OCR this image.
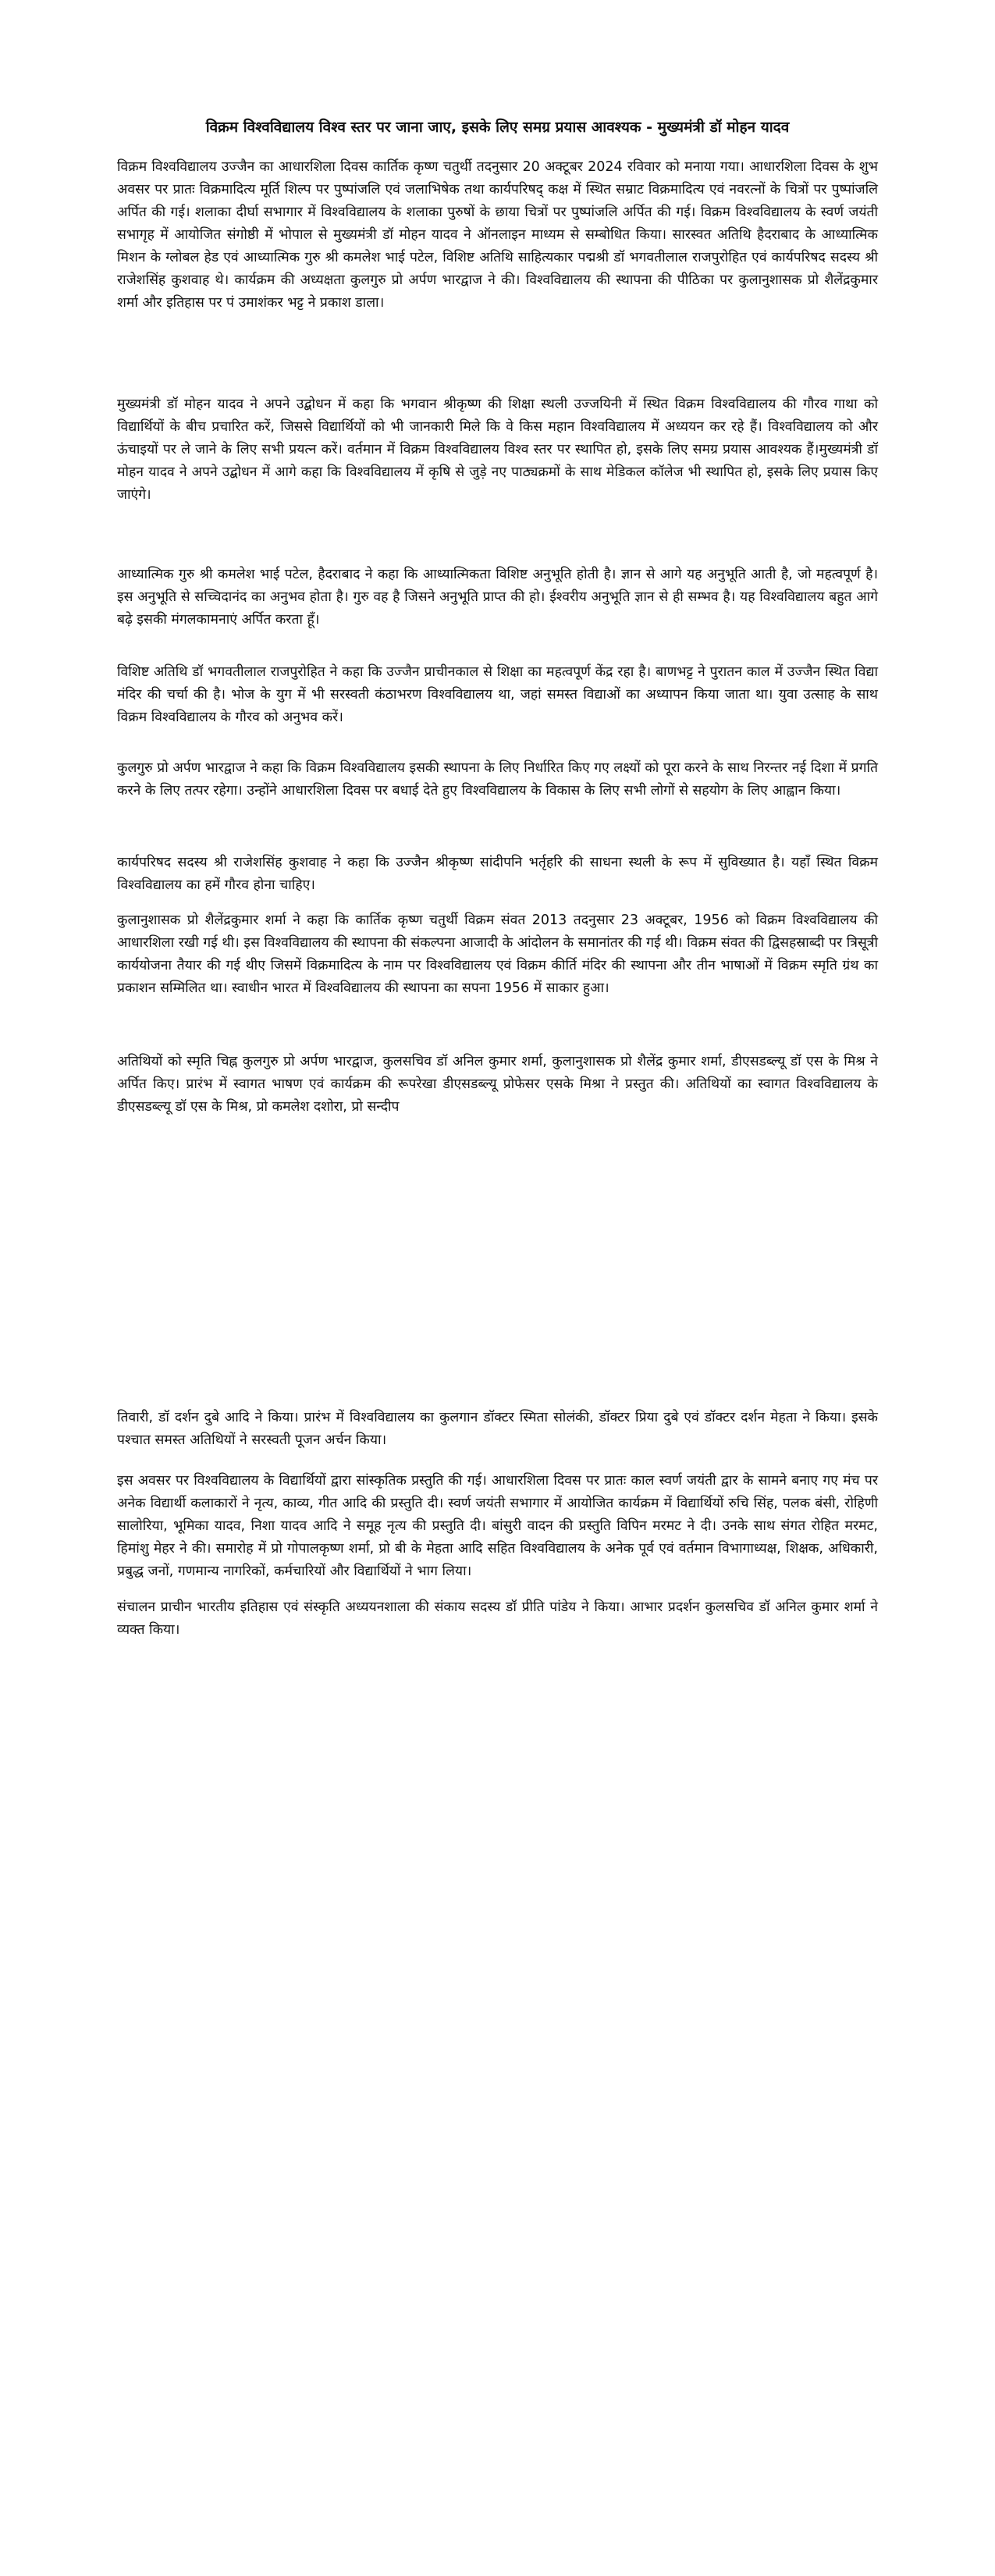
विक्रम विश्वविद्यालय विश्व स्तर पर जाना जाए, इसके लिए समग्र प्रयास आवश्यक - मुख्यमंत्री डॉ मोहन यादव

विक्रम विश्वविद्यालय उज्जैन का आधारशिला दिवस कार्तिक कृष्ण चतुर्थी तदनुसार 20 अक्टूबर 2024 रविवार को मनाया गया। आधारशिला दिवस के शुभ अवसर पर प्रातः विक्रमादित्य मूर्ति शिल्प पर पुष्पांजलि एवं जलाभिषेक तथा कार्यपरिषद् कक्ष में स्थित सम्राट विक्रमादित्य एवं नवरत्नों के चित्रों पर पुष्पांजलि अर्पित की गई। शलाका दीर्घा सभागार में विश्वविद्यालय के शलाका पुरुषों के छाया चित्रों पर पुष्पांजलि अर्पित की गई। विक्रम विश्वविद्यालय के स्वर्ण जयंती सभागृह में आयोजित संगोष्ठी में भोपाल से मुख्यमंत्री डॉ मोहन यादव ने ऑनलाइन माध्यम से सम्बोधित किया। सारस्वत अतिथि हैदराबाद के आध्यात्मिक मिशन के ग्लोबल हेड एवं आध्यात्मिक गुरु श्री कमलेश भाई पटेल, विशिष्ट अतिथि साहित्यकार पद्मश्री डॉ भगवतीलाल राजपुरोहित एवं कार्यपरिषद सदस्य श्री राजेशसिंह कुशवाह थे। कार्यक्रम की अध्यक्षता कुलगुरु प्रो अर्पण भारद्वाज ने की। विश्वविद्यालय की स्थापना की पीठिका पर कुलानुशासक प्रो शैलेंद्रकुमार शर्मा और इतिहास पर पं उमाशंकर भट्ट ने प्रकाश डाला।

मुख्यमंत्री डॉ मोहन यादव ने अपने उद्बोधन में कहा कि भगवान श्रीकृष्ण की शिक्षा स्थली उज्जयिनी में स्थित विक्रम विश्वविद्यालय की गौरव गाथा को विद्यार्थियों के बीच प्रचारित करें, जिससे विद्यार्थियों को भी जानकारी मिले कि वे किस महान विश्वविद्यालय में अध्ययन कर रहे हैं। विश्वविद्यालय को और ऊंचाइयों पर ले जाने के लिए सभी प्रयत्न करें। वर्तमान में विक्रम विश्वविद्यालय विश्व स्तर पर स्थापित हो, इसके लिए समग्र प्रयास आवश्यक हैं।मुख्यमंत्री डॉ मोहन यादव ने अपने उद्बोधन में आगे कहा कि विश्वविद्यालय में कृषि से जुड़े नए पाठ्यक्रमों के साथ मेडिकल कॉलेज भी स्थापित हो, इसके लिए प्रयास किए जाएंगे।

आध्यात्मिक गुरु श्री कमलेश भाई पटेल, हैदराबाद ने कहा कि आध्यात्मिकता विशिष्ट अनुभूति होती है। ज्ञान से आगे यह अनुभूति आती है, जो महत्वपूर्ण है। इस अनुभूति से सच्चिदानंद का अनुभव होता है। गुरु वह है जिसने अनुभूति प्राप्त की हो। ईश्वरीय अनुभूति ज्ञान से ही सम्भव है। यह विश्वविद्यालय बहुत आगे बढ़े इसकी मंगलकामनाएं अर्पित करता हूँ।

विशिष्ट अतिथि डॉ भगवतीलाल राजपुरोहित ने कहा कि उज्जैन प्राचीनकाल से शिक्षा का महत्वपूर्ण केंद्र रहा है। बाणभट्ट ने पुरातन काल में उज्जैन स्थित विद्या मंदिर की चर्चा की है। भोज के युग में भी सरस्वती कंठाभरण विश्वविद्यालय था, जहां समस्त विद्याओं का अध्यापन किया जाता था। युवा उत्साह के साथ विक्रम विश्वविद्यालय के गौरव को अनुभव करें।

कुलगुरु प्रो अर्पण भारद्वाज ने कहा कि विक्रम विश्वविद्यालय इसकी स्थापना के लिए निर्धारित किए गए लक्ष्यों को पूरा करने के साथ निरन्तर नई दिशा में प्रगति करने के लिए तत्पर रहेगा। उन्होंने आधारशिला दिवस पर बधाई देते हुए विश्वविद्यालय के विकास के लिए सभी लोगों से सहयोग के लिए आह्वान किया।

कार्यपरिषद सदस्य श्री राजेशसिंह कुशवाह ने कहा कि उज्जैन श्रीकृष्ण सांदीपनि भर्तृहरि की साधना स्थली के रूप में सुविख्यात है। यहाँ स्थित विक्रम विश्वविद्यालय का हमें गौरव होना चाहिए।

कुलानुशासक प्रो शैलेंद्रकुमार शर्मा ने कहा कि कार्तिक कृष्ण चतुर्थी विक्रम संवत 2013 तदनुसार 23 अक्टूबर, 1956 को विक्रम विश्वविद्यालय की आधारशिला रखी गई थी। इस विश्वविद्यालय की स्थापना की संकल्पना आजादी के आंदोलन के समानांतर की गई थी। विक्रम संवत की द्विसहस्राब्दी पर त्रिसूत्री कार्ययोजना तैयार की गई थीए जिसमें विक्रमादित्य के नाम पर विश्वविद्यालय एवं विक्रम कीर्ति मंदिर की स्थापना और तीन भाषाओं में विक्रम स्मृति ग्रंथ का प्रकाशन सम्मिलित था। स्वाधीन भारत में विश्वविद्यालय की स्थापना का सपना 1956 में साकार हुआ।

अतिथियों को स्मृति चिह्न कुलगुरु प्रो अर्पण भारद्वाज, कुलसचिव डॉ अनिल कुमार शर्मा, कुलानुशासक प्रो शैलेंद्र कुमार शर्मा, डीएसडब्ल्यू डॉ एस के मिश्र ने अर्पित किए। प्रारंभ में स्वागत भाषण एवं कार्यक्रम की रूपरेखा डीएसडब्ल्यू प्रोफेसर एसके मिश्रा ने प्रस्तुत की। अतिथियों का स्वागत विश्वविद्यालय के डीएसडब्ल्यू डॉ एस के मिश्र, प्रो कमलेश दशोरा, प्रो सन्दीप

तिवारी, डॉ दर्शन दुबे आदि ने किया। प्रारंभ में विश्वविद्यालय का कुलगान डॉक्टर स्मिता सोलंकी, डॉक्टर प्रिया दुबे एवं डॉक्टर दर्शन मेहता ने किया। इसके पश्चात समस्त अतिथियों ने सरस्वती पूजन अर्चन किया।

इस अवसर पर विश्वविद्यालय के विद्यार्थियों द्वारा सांस्कृतिक प्रस्तुति की गई। आधारशिला दिवस पर प्रातः काल स्वर्ण जयंती द्वार के सामने बनाए गए मंच पर अनेक विद्यार्थी कलाकारों ने नृत्य, काव्य, गीत आदि की प्रस्तुति दी। स्वर्ण जयंती सभागार में आयोजित कार्यक्रम में विद्यार्थियों रुचि सिंह, पलक बंसी, रोहिणी सालोरिया, भूमिका यादव, निशा यादव आदि ने समूह नृत्य की प्रस्तुति दी। बांसुरी वादन की प्रस्तुति विपिन मरमट ने दी। उनके साथ संगत रोहित मरमट, हिमांशु मेहर ने की। समारोह में प्रो गोपालकृष्ण शर्मा, प्रो बी के मेहता आदि सहित विश्वविद्यालय के अनेक पूर्व एवं वर्तमान विभागाध्यक्ष, शिक्षक, अधिकारी, प्रबुद्ध जनों, गणमान्य नागरिकों, कर्मचारियों और विद्यार्थियों ने भाग लिया।

संचालन प्राचीन भारतीय इतिहास एवं संस्कृति अध्ययनशाला की संकाय सदस्य डॉ प्रीति पांडेय ने किया। आभार प्रदर्शन कुलसचिव डॉ अनिल कुमार शर्मा ने व्यक्त किया।
